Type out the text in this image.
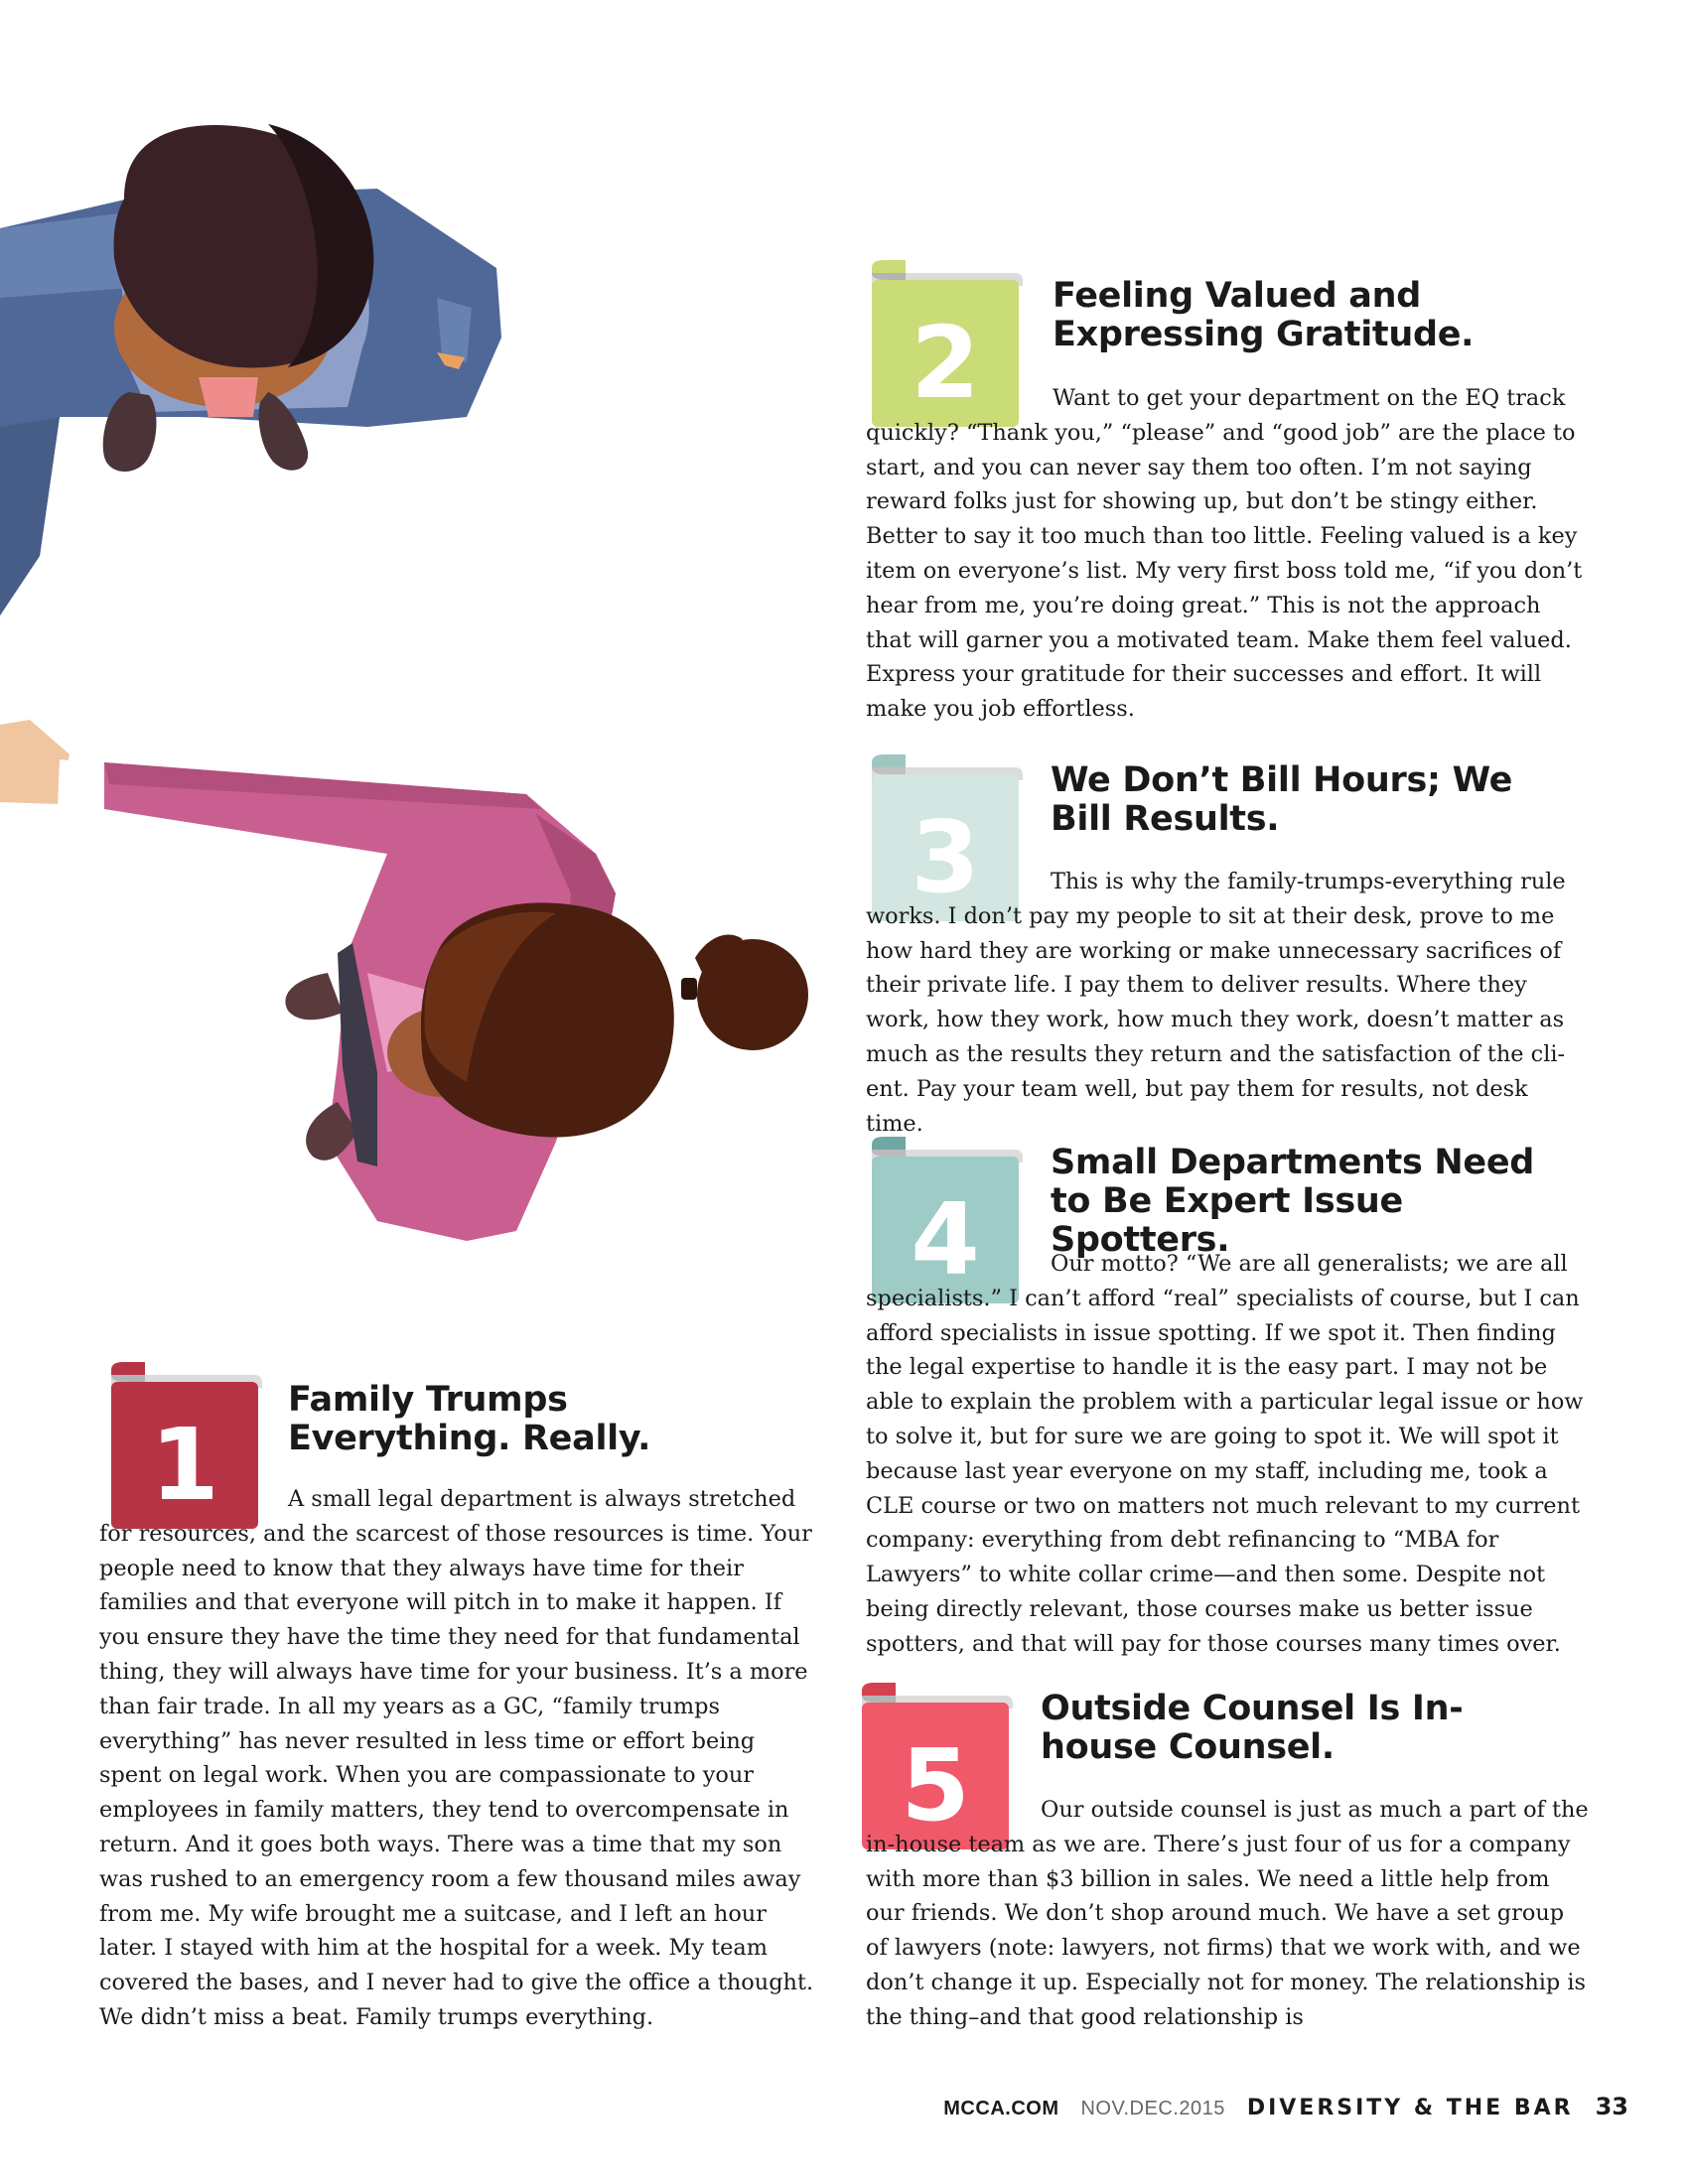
1
Family Trumps Everything. Really.

A small legal department is always stretched for resources, and the scarcest of those resources is time. Your people need to know that they always have time for their families and that everyone will pitch in to make it happen. If you ensure they have the time they need for that fundamental thing, they will always have time for your business. It’s a more than fair trade. In all my years as a GC, “family trumps everything” has never resulted in less time or effort being spent on legal work. When you are compassionate to your employees in family matters, they tend to overcompensate in return. And it goes both ways. There was a time that my son was rushed to an emergency room a few thousand miles away from me. My wife brought me a suitcase, and I left an hour later. I stayed with him at the hospital for a week. My team covered the bases, and I never had to give the office a thought. We didn’t miss a beat. Family trumps everything.

2
Feeling Valued and Expressing Gratitude.

Want to get your department on the EQ track quickly? “Thank you,” “please” and “good job” are the place to start, and you can never say them too often. I’m not saying reward folks just for showing up, but don’t be stingy either. Better to say it too much than too little. Feeling valued is a key item on everyone’s list. My very first boss told me, “if you don’t hear from me, you’re doing great.” This is not the approach that will garner you a motivated team. Make them feel valued. Express your gratitude for their successes and effort. It will make you job effortless.

3
We Don’t Bill Hours; We Bill Results.

This is why the family-trumps-everything rule works. I don’t pay my people to sit at their desk, prove to me how hard they are working or make unnecessary sacrifices of their private life. I pay them to deliver results. Where they work, how they work, how much they work, doesn’t matter as much as the results they return and the satisfaction of the client. Pay your team well, but pay them for results, not desk time.

4
Small Departments Need to Be Expert Issue Spotters.

Our motto? “We are all generalists; we are all specialists.” I can’t afford “real” specialists of course, but I can afford specialists in issue spotting. If we spot it. Then finding the legal expertise to handle it is the easy part. I may not be able to explain the problem with a particular legal issue or how to solve it, but for sure we are going to spot it. We will spot it because last year everyone on my staff, including me, took a CLE course or two on matters not much relevant to my current company: everything from debt refinancing to “MBA for Lawyers” to white collar crime—and then some. Despite not being directly relevant, those courses make us better issue spotters, and that will pay for those courses many times over.

5
Outside Counsel Is In-house Counsel.

Our outside counsel is just as much a part of the in-house team as we are. There’s just four of us for a company with more than $3 billion in sales. We need a little help from our friends. We don’t shop around much. We have a set group of lawyers (note: lawyers, not firms) that we work with, and we don’t change it up. Especially not for money. The relationship is the thing–and that good relationship is

MCCA.COM NOV.DEC.2015 DIVERSITY & THE BAR 33
